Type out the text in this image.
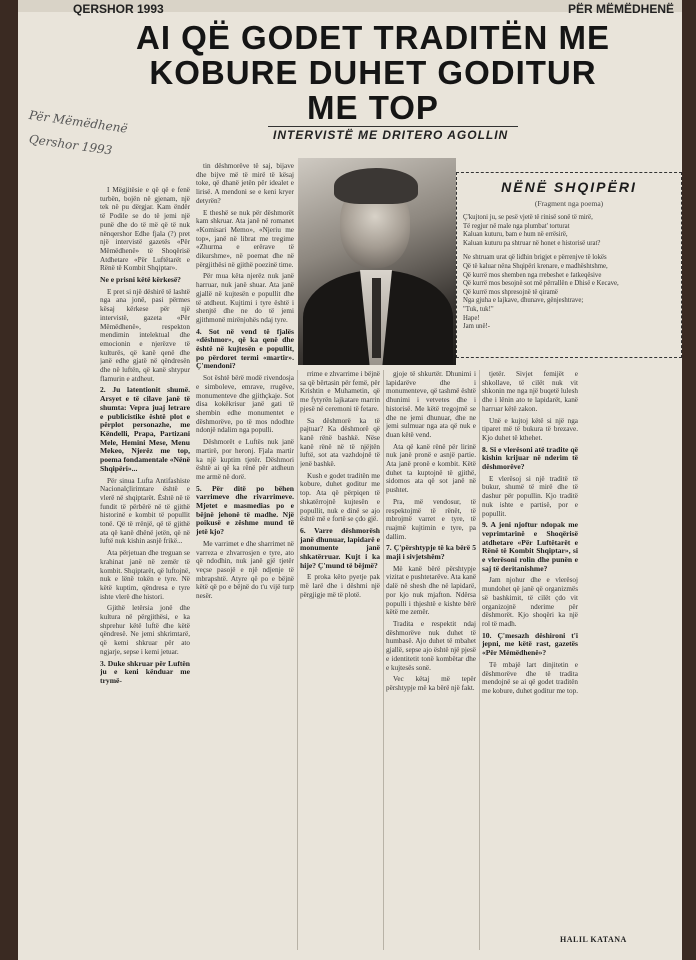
QERSHOR 1993	PËR MËMËDHENË
AI QË GODET TRADITËN ME
KOBURE DUHET GODITUR
ME TOP
INTERVISTË ME DRITERO AGOLLIN
Për Mëmëdhenë
Qershor 1993

I Mëgjitësie e që që e fenë turbën, bojën në gjenam, një tek në pu dërgjar. Kam ëndër të Podile se do të jemi një punë dhe do të më që të nuk nënqershor Edhe fjala (?) pret një intervistë gazetës «Për Mëmëdhenë» të Shoqërisë Atdhetare «Për Luftëtarët e Rënë të Kombit Shqiptar».

Ne e prisni këtë kërkesë?

E pret si një dëshirë të lashtë nga ana jonë, pasi përmes kësaj kërkese për një intervistë, gazeta «Për Mëmëdhenë», respekton mendimin intelektual dhe emocionin e njerëzve të kulturës, që kanë qenë dhe janë edhe gjatë në qëndresën dhe në luftën, që kanë shtypur flamurin e atdheut.

2. Ju latentionit shumë. Arsyet e të cilave janë të shumta: Vepra juaj letrare e publicistike është plot e përplot personazhe, me Këndelli, Prapa, Partizani Mele, Hemini Mese, Menu Mekeo, Njerëz me top, poema fondamentale «Nënë Shqipëri»...

Për sinua Lufta Antifashiste Nacionalçlirimtare është e vlerë në shqiptarët. Është në të fundit të përbërë në të gjithë historinë e kombit të popullit tonë. Që të rrënjë, që të gjithë ata që kanë dhënë jetën, që në luftë nuk kishin asnjë frikë...

Ata përjetuan dhe treguan se krahinat janë në zemër të kombit. Shqiptarët, që luftojnë, nuk e lënë tokën e tyre. Në këtë kuptim, qëndresa e tyre ishte vlerë dhe histori.

Gjithë letërsia jonë dhe kultura në përgjithësi, e ka shprehur këtë luftë dhe këtë qëndresë. Ne jemi shkrimtarë, që kemi shkruar për ato ngjarje, sepse i kemi jetuar.

3. Duke shkruar për Luftën ju e keni kënduar me trymë-

tin dëshmorëve të saj, bijave dhe bijve më të mirë të kësaj toke, që dhanë jetën për idealet e lirisë. A mendoni se e keni kryer detyrën?

E theshë se nuk për dëshmorët kam shkruar. Ata janë në romanet «Komisari Memo», «Njeriu me top», janë në librat me tregime «Zhurma e erërave të dikurshme», në poemat dhe në përgjithësi në gjithë poezinë time.

Për mua këta njerëz nuk janë harruar, nuk janë shuar. Ata janë gjallë në kujtesën e popullit dhe të atdheut. Kujtimi i tyre është i shenjtë dhe ne do të jemi gjithmonë mirënjohës ndaj tyre.

4. Sot në vend të fjalës «dëshmor», që ka qenë dhe është në kujtesën e popullit, po përdoret termi «martir». Ç'mendoni?

Sot është bërë modë rivendosja e simboleve, emrave, rrugëve, monumenteve dhe gjithçkaje. Sot disa kokëkrisur janë gati të shembin edhe monumentet e dëshmorëve, po të mos ndodhte ndonjë ndalim nga populli.

Dëshmorët e Luftës nuk janë martirë, por heronj. Fjala martir ka një kuptim tjetër. Dëshmori është ai që ka rënë për atdheun me armë në dorë.

5. Për ditë po bëhen varrimeve dhe rivarrimeve. Mjetet e masmedias po e bëjnë jehonë të madhe. Një poikusë e zëshme mund të jetë kjo?

Me varrimet e dhe sharrimet në varreza e zhvarrosjen e tyre, ato që ndodhin, nuk janë gjë tjetër veçse pasojë e një ndjenje të mbrapshtë. Atyre që po e bëjnë këtë që po e bëjnë do t'u vijë turp nesër.

rrime e zhvarrime i bëjnë sa që bërtasin për femë, për Krishtin e Muhametin, që me fytyrën lajkatare marrin pjesë në ceremoni të fetare.

Sa dëshmorë ka të pajtuar? Ka dëshmorë që kanë rënë bashkë. Nëse kanë rënë në të njëjtën luftë, sot ata vazhdojnë të jenë bashkë.

Kush e godet traditën me kobure, duhet goditur me top. Ata që përpiqen të shkatërrojnë kujtesën e popullit, nuk e dinë se ajo është më e fortë se çdo gjë.

6. Varre dëshmorësh janë dhunuar, lapidarë e monumente janë shkatërruar. Kujt i ka hije? Ç'mund të bëjmë?

E proka këto pyetje pak më larë dhe i dëshmi një përgjigje më të plotë.

gjoje të shkurtër. Dhunimi i lapidarëve dhe i monumenteve, që tashmë është dhunimi i vetvetes dhe i historisë. Me këtë tregojmë se dhe ne jemi dhunuar, dhe ne jemi sulmuar nga ata që nuk e duan këtë vend.

Ata që kanë rënë për lirinë nuk janë pronë e asnjë partie. Ata janë pronë e kombit. Këtë duhet ta kuptojnë të gjithë, sidomos ata që sot janë në pushtet.

Pra, më vendosur, të respektojmë të rënët, të mbrojmë varret e tyre, të ruajmë kujtimin e tyre, pa dallim.

7. Ç'përshtypje të ka bërë 5 maji i sivjetshëm?

Më kanë bërë përshtypje vizitat e pushtetarëve. Ata kanë dalë në shesh dhe në lapidarë, por kjo nuk mjafton. Ndërsa populli i thjeshtë e kishte bërë këtë me zemër.

Tradita e respektit ndaj dëshmorëve nuk duhet të humbasë. Ajo duhet të mbahet gjallë, sepse ajo është një pjesë e identitetit tonë kombëtar dhe e kujtesës sonë.

Vec këtaj më tepër përshtypje më ka bërë një fakt.

tjetër. Sivjet femijët e shkollave, të cilët nuk vit shkonin me nga një buqetë lulesh dhe i lënin ato te lapidarët, kanë harruar këtë zakon.

Unë e kujtoj këtë si një nga tiparet më të bukura të brezave. Kjo duhet të kthehet.

8. Si e vlerësoni atë tradite që kishin krijuar në nderim të dëshmorëve?

E vlerësoj si një traditë të bukur, shumë të mirë dhe të dashur për popullin. Kjo traditë nuk ishte e partisë, por e popullit.

9. A jeni njoftur ndopak me veprimtarinë e Shoqërisë atdhetare «Për Luftëtarët e Rënë të Kombit Shqiptar», si e vlerësoni rolin dhe punën e saj të deritanishme?

Jam njohur dhe e vlerësoj mundohet që janë që organizmës së bashkimit, të cilët çdo vit organizojnë nderime për dëshmorët. Kjo shoqëri ka një rol të madh.

10. Ç'mesazh dëshironi t'i jepni, me këtë rast, gazetës «Për Mëmëdhenë»?

Të mbajë lart dinjitetin e dëshmorëve dhe të tradita mendojnë se ai që godet traditën me kobure, duhet goditur me top.

NËNË SHQIPËRI
(Fragment nga poema)
Ç'kujtoni ju, se pesë vjetë të rinisë sonë të mirë,
Të regjur në male nga plumbat' torturat
Kaluan kuturu, bam e hum në errësirë,
Kaluan kuturu pa shtruar në honet e historisë urat?
Ne shtruam urat që lidhin brigjet e përrenjve të lokës
Që të kaluar nëna Shqipëri krenare, e madhështshme,
Që kurrë mos shemben nga rrebeshet e fatkeqësive
Që kurrë mos besojnë sot më përrallën e Dhisë e Kecave,
Që kurrë mos shpresojnë të qiramë
Nga gjuha e lajkave, dhunave, gënjeshtrave;
"Tuk, tuk!"
Hape!
Jam unë!-
HALIL KATANA
